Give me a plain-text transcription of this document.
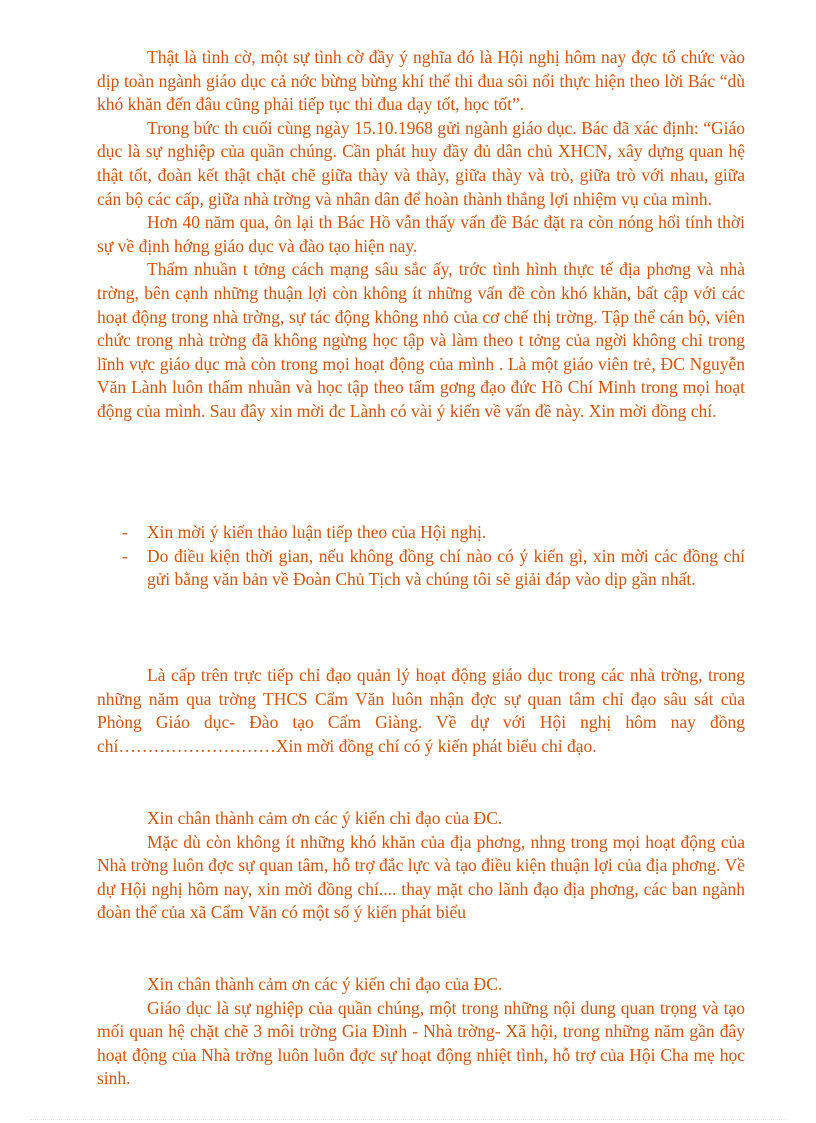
Thật là tình cờ, một sự tình cờ đầy ý nghĩa đó là Hội nghị hôm nay đợc tổ chức vào dịp toàn ngành giáo dục cả nớc bừng bừng khí thế thi đua sôi nổi thực hiện theo lời Bác “dù khó khăn đến đâu cũng phải tiếp tục thi đua dạy tốt, học tốt”.

Trong bức th cuối cùng ngày 15.10.1968 gửi ngành giáo dục. Bác đã xác định: “Giáo dục là sự nghiệp của quần chúng. Cần phát huy đầy đủ dân chủ XHCN, xây dựng quan hệ thật tốt, đoàn kết thật chặt chẽ giữa thày và thày, giữa thày và trò, giữa trò với nhau, giữa cán bộ các cấp, giữa nhà trờng và nhân dân để hoàn thành thắng lợi nhiệm vụ của mình.

Hơn 40 năm qua, ôn lại th Bác Hồ vẫn thấy vấn đề Bác đặt ra còn nóng hổi tính thời sự về định hớng giáo dục và đào tạo hiện nay.

Thấm nhuần t tởng cách mạng sâu sắc ấy, trớc tình hình thực tế địa phơng và nhà trờng, bên cạnh những thuận lợi còn không ít những vấn đề còn khó khăn, bất cập với các hoạt động trong nhà trờng, sự tác động không nhỏ của cơ chế thị trờng. Tập thể cán bộ, viên chức trong nhà trờng đã không ngừng học tập và làm theo t tởng của ngời không chỉ trong lĩnh vực giáo dục mà còn trong mọi hoạt động của mình . Là một giáo viên trẻ, ĐC Nguyễn Văn Lành luôn thấm nhuần và học tập theo tấm gơng đạo đức Hồ Chí Minh trong mọi hoạt động của mình. Sau đây xin mời đc Lành có vài ý kiến về vấn đề này. Xin mời đồng chí.

- Xin mời ý kiến thảo luận tiếp theo của Hội nghị.
- Do điều kiện thời gian, nếu không đồng chí nào có ý kiến gì, xin mời các đồng chí gửi bằng văn bản về Đoàn Chủ Tịch và chúng tôi sẽ giải đáp vào dịp gần nhất.

Là cấp trên trực tiếp chỉ đạo quản lý hoạt động giáo dục trong các nhà trờng, trong những năm qua trờng THCS Cẩm Văn luôn nhận đợc sự quan tâm chỉ đạo sâu sát của Phòng Giáo dục- Đào tạo Cẩm Giàng. Về dự với Hội nghị hôm nay đồng chí………………………Xin mời đồng chí có ý kiến phát biểu chỉ đạo.

Xin chân thành cảm ơn các ý kiến chỉ đạo của ĐC.

Mặc dù còn không ít những khó khăn của địa phơng, nhng trong mọi hoạt động của Nhà trờng luôn đợc sự quan tâm, hỗ trợ đắc lực và tạo điều kiện thuận lợi của địa phơng. Về dự Hội nghị hôm nay, xin mời đồng chí.... thay mặt cho lãnh đạo địa phơng, các ban ngành đoàn thể của xã Cẩm Văn có một số ý kiến phát biểu

Xin chân thành cảm ơn các ý kiến chỉ đạo của ĐC.

Giáo dục là sự nghiệp của quần chúng, một trong những nội dung quan trọng và tạo mối quan hệ chặt chẽ 3 môi trờng Gia Đình - Nhà trờng- Xã hội, trong những năm gần đây hoạt động của Nhà trờng luôn luôn đợc sự hoạt động nhiệt tình, hỗ trợ của Hội Cha mẹ học sinh.
